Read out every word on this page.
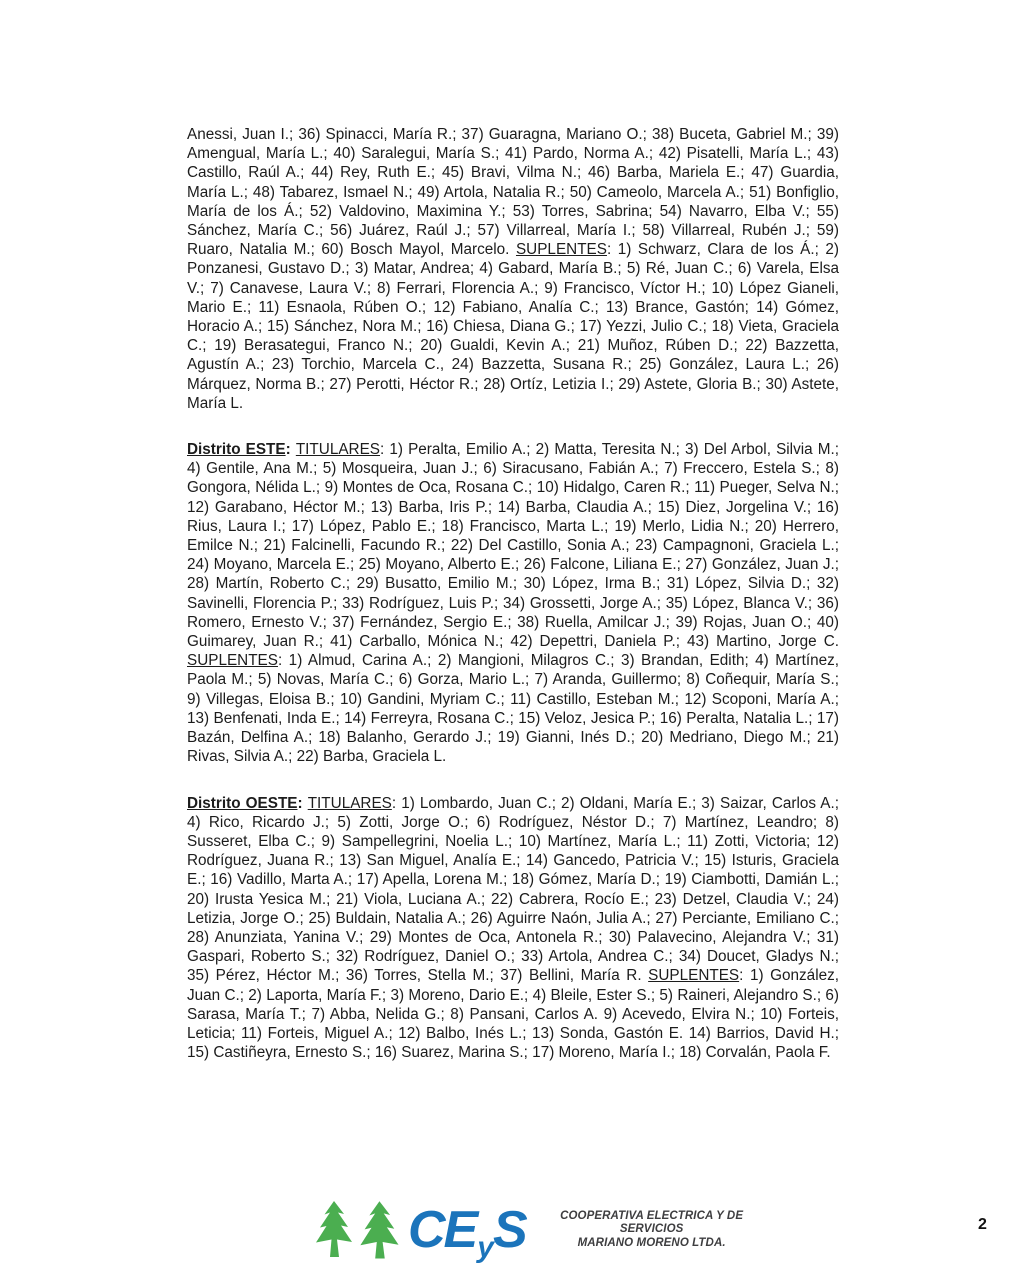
Anessi, Juan I.; 36) Spinacci, María R.; 37) Guaragna, Mariano O.; 38) Buceta, Gabriel M.; 39) Amengual, María L.; 40) Saralegui, María S.; 41) Pardo, Norma A.; 42) Pisatelli, María L.; 43) Castillo, Raúl A.; 44) Rey, Ruth E.; 45) Bravi, Vilma N.; 46) Barba, Mariela E.; 47) Guardia, María L.; 48) Tabarez, Ismael N.; 49) Artola, Natalia R.; 50) Cameolo, Marcela A.; 51) Bonfiglio, María de los Á.; 52) Valdovino, Maximina Y.; 53) Torres, Sabrina; 54) Navarro, Elba V.; 55) Sánchez, María C.; 56) Juárez, Raúl J.; 57) Villarreal, María I.; 58) Villarreal, Rubén J.; 59) Ruaro, Natalia M.; 60) Bosch Mayol, Marcelo. SUPLENTES: 1) Schwarz, Clara de los Á.; 2) Ponzanesi, Gustavo D.; 3) Matar, Andrea; 4) Gabard, María B.; 5) Ré, Juan C.; 6) Varela, Elsa V.; 7) Canavese, Laura V.; 8) Ferrari, Florencia A.; 9) Francisco, Víctor H.; 10) López Gianeli, Mario E.; 11) Esnaola, Rúben O.; 12) Fabiano, Analía C.; 13) Brance, Gastón; 14) Gómez, Horacio A.; 15) Sánchez, Nora M.; 16) Chiesa, Diana G.; 17) Yezzi, Julio C.; 18) Vieta, Graciela C.; 19) Berasategui, Franco N.; 20) Gualdi, Kevin A.; 21) Muñoz, Rúben D.; 22) Bazzetta, Agustín A.; 23) Torchio, Marcela C., 24) Bazzetta, Susana R.; 25) González, Laura L.; 26) Márquez, Norma B.; 27) Perotti, Héctor R.; 28) Ortíz, Letizia I.; 29) Astete, Gloria B.; 30) Astete, María L.

Distrito ESTE: TITULARES: 1) Peralta, Emilio A.; 2) Matta, Teresita N.; 3) Del Arbol, Silvia M.; 4) Gentile, Ana M.; 5) Mosqueira, Juan J.; 6) Siracusano, Fabián A.; 7) Freccero, Estela S.; 8) Gongora, Nélida L.; 9) Montes de Oca, Rosana C.; 10) Hidalgo, Caren R.; 11) Pueger, Selva N.; 12) Garabano, Héctor M.; 13) Barba, Iris P.; 14) Barba, Claudia A.; 15) Diez, Jorgelina V.; 16) Rius, Laura I.; 17) López, Pablo E.; 18) Francisco, Marta L.; 19) Merlo, Lidia N.; 20) Herrero, Emilce N.; 21) Falcinelli, Facundo R.; 22) Del Castillo, Sonia A.; 23) Campagnoni, Graciela L.; 24) Moyano, Marcela E.; 25) Moyano, Alberto E.; 26) Falcone, Liliana E.; 27) González, Juan J.; 28) Martín, Roberto C.; 29) Busatto, Emilio M.; 30) López, Irma B.; 31) López, Silvia D.; 32) Savinelli, Florencia P.; 33) Rodríguez, Luis P.; 34) Grossetti, Jorge A.; 35) López, Blanca V.; 36) Romero, Ernesto V.; 37) Fernández, Sergio E.; 38) Ruella, Amilcar J.; 39) Rojas, Juan O.; 40) Guimarey, Juan R.; 41) Carballo, Mónica N.; 42) Depettri, Daniela P.; 43) Martino, Jorge C. SUPLENTES: 1) Almud, Carina A.; 2) Mangioni, Milagros C.; 3) Brandan, Edith; 4) Martínez, Paola M.; 5) Novas, María C.; 6) Gorza, Mario L.; 7) Aranda, Guillermo; 8) Coñequir, María S.; 9) Villegas, Eloisa B.; 10) Gandini, Myriam C.; 11) Castillo, Esteban M.; 12) Scoponi, María A.; 13) Benfenati, Inda E.; 14) Ferreyra, Rosana C.; 15) Veloz, Jesica P.; 16) Peralta, Natalia L.; 17) Bazán, Delfina A.; 18) Balanho, Gerardo J.; 19) Gianni, Inés D.; 20) Medriano, Diego M.; 21) Rivas, Silvia A.; 22) Barba, Graciela L.

Distrito OESTE: TITULARES: 1) Lombardo, Juan C.; 2) Oldani, María E.; 3) Saizar, Carlos A.; 4) Rico, Ricardo J.; 5) Zotti, Jorge O.; 6) Rodríguez, Néstor D.; 7) Martínez, Leandro; 8) Susseret, Elba C.; 9) Sampellegrini, Noelia L.; 10) Martínez, María L.; 11) Zotti, Victoria; 12) Rodríguez, Juana R.; 13) San Miguel, Analía E.; 14) Gancedo, Patricia V.; 15) Isturis, Graciela E.; 16) Vadillo, Marta A.; 17) Apella, Lorena M.; 18) Gómez, María D.; 19) Ciambotti, Damián L.; 20) Irusta Yesica M.; 21) Viola, Luciana A.; 22) Cabrera, Rocío E.; 23) Detzel, Claudia V.; 24) Letizia, Jorge O.; 25) Buldain, Natalia A.; 26) Aguirre Naón, Julia A.; 27) Perciante, Emiliano C.; 28) Anunziata, Yanina V.; 29) Montes de Oca, Antonela R.; 30) Palavecino, Alejandra V.; 31) Gaspari, Roberto S.; 32) Rodríguez, Daniel O.; 33) Artola, Andrea C.; 34) Doucet, Gladys N.; 35) Pérez, Héctor M.; 36) Torres, Stella M.; 37) Bellini, María R. SUPLENTES: 1) González, Juan C.; 2) Laporta, María F.; 3) Moreno, Dario E.; 4) Bleile, Ester S.; 5) Raineri, Alejandro S.; 6) Sarasa, María T.; 7) Abba, Nelida G.; 8) Pansani, Carlos A. 9) Acevedo, Elvira N.; 10) Forteis, Leticia; 11) Forteis, Miguel A.; 12) Balbo, Inés L.; 13) Sonda, Gastón E. 14) Barrios, David H.; 15) Castiñeyra, Ernesto S.; 16) Suarez, Marina S.; 17) Moreno, María I.; 18) Corvalán, Paola F.

CE y S	COOPERATIVA ELECTRICA Y DE SERVICIOS
MARIANO MORENO LTDA.
2
